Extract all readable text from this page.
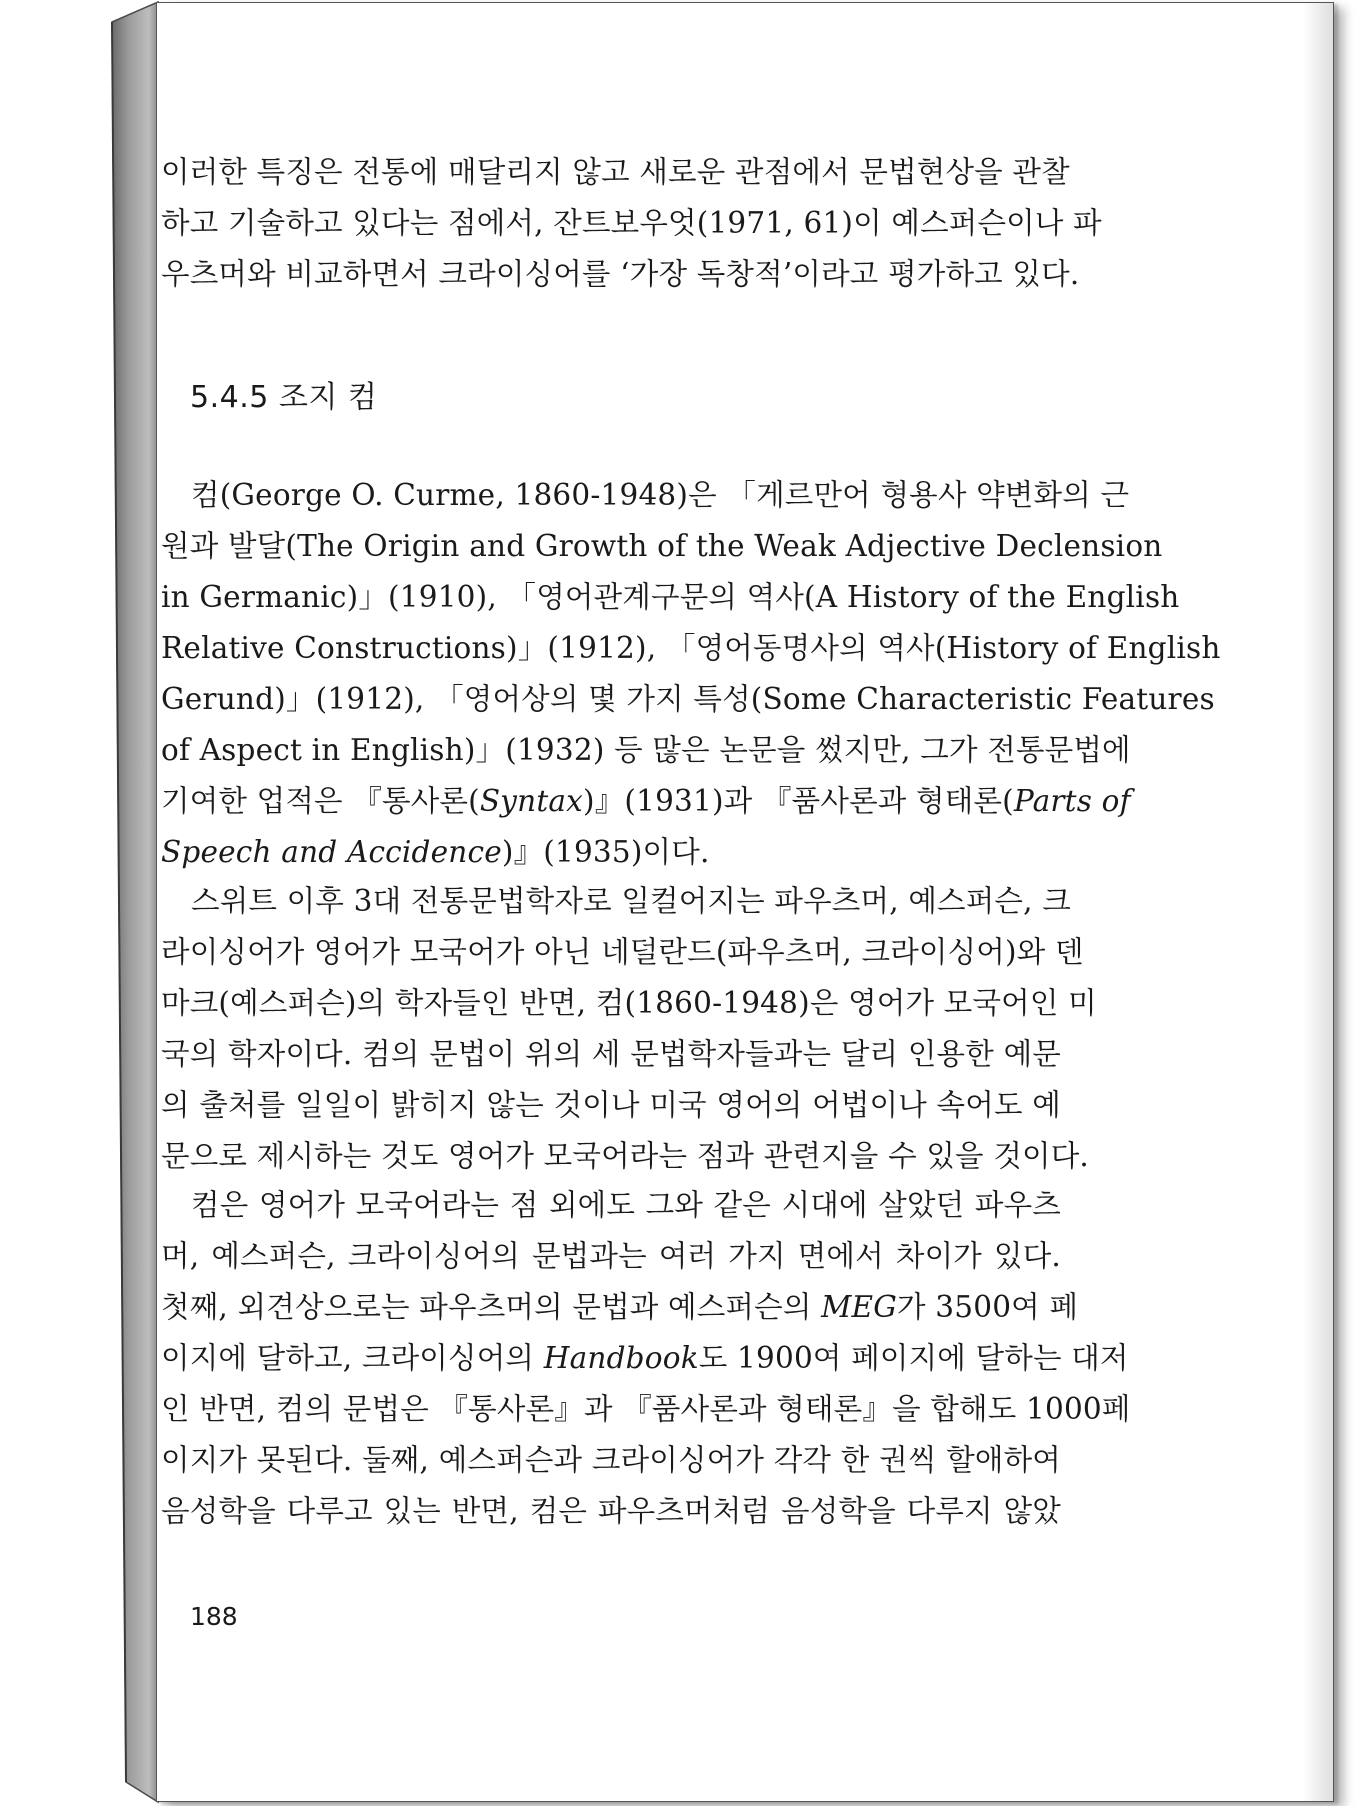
이러한 특징은 전통에 매달리지 않고 새로운 관점에서 문법현상을 관찰
하고 기술하고 있다는 점에서, 잔트보우엇(1971, 61)이 예스퍼슨이나 파
우츠머와 비교하면서 크라이싱어를 ‘가장 독창적’이라고 평가하고 있다.
5.4.5 조지 컴
컴(George O. Curme, 1860-1948)은 「게르만어 형용사 약변화의 근
원과 발달(The Origin and Growth of the Weak Adjective Declension
in Germanic)」(1910), 「영어관계구문의 역사(A History of the English
Relative Constructions)」(1912), 「영어동명사의 역사(History of English
Gerund)」(1912), 「영어상의 몇 가지 특성(Some Characteristic Features
of Aspect in English)」(1932) 등 많은 논문을 썼지만, 그가 전통문법에
기여한 업적은 『통사론(Syntax)』(1931)과 『품사론과 형태론(Parts of
Speech and Accidence)』(1935)이다.
스위트 이후 3대 전통문법학자로 일컬어지는 파우츠머, 예스퍼슨, 크
라이싱어가 영어가 모국어가 아닌 네덜란드(파우츠머, 크라이싱어)와 덴
마크(예스퍼슨)의 학자들인 반면, 컴(1860-1948)은 영어가 모국어인 미
국의 학자이다. 컴의 문법이 위의 세 문법학자들과는 달리 인용한 예문
의 출처를 일일이 밝히지 않는 것이나 미국 영어의 어법이나 속어도 예
문으로 제시하는 것도 영어가 모국어라는 점과 관련지을 수 있을 것이다.
컴은 영어가 모국어라는 점 외에도 그와 같은 시대에 살았던 파우츠
머, 예스퍼슨, 크라이싱어의 문법과는 여러 가지 면에서 차이가 있다.
첫째, 외견상으로는 파우츠머의 문법과 예스퍼슨의 MEG가 3500여 페
이지에 달하고, 크라이싱어의 Handbook도 1900여 페이지에 달하는 대저
인 반면, 컴의 문법은 『통사론』과 『품사론과 형태론』을 합해도 1000페
이지가 못된다. 둘째, 예스퍼슨과 크라이싱어가 각각 한 권씩 할애하여
음성학을 다루고 있는 반면, 컴은 파우츠머처럼 음성학을 다루지 않았
188
